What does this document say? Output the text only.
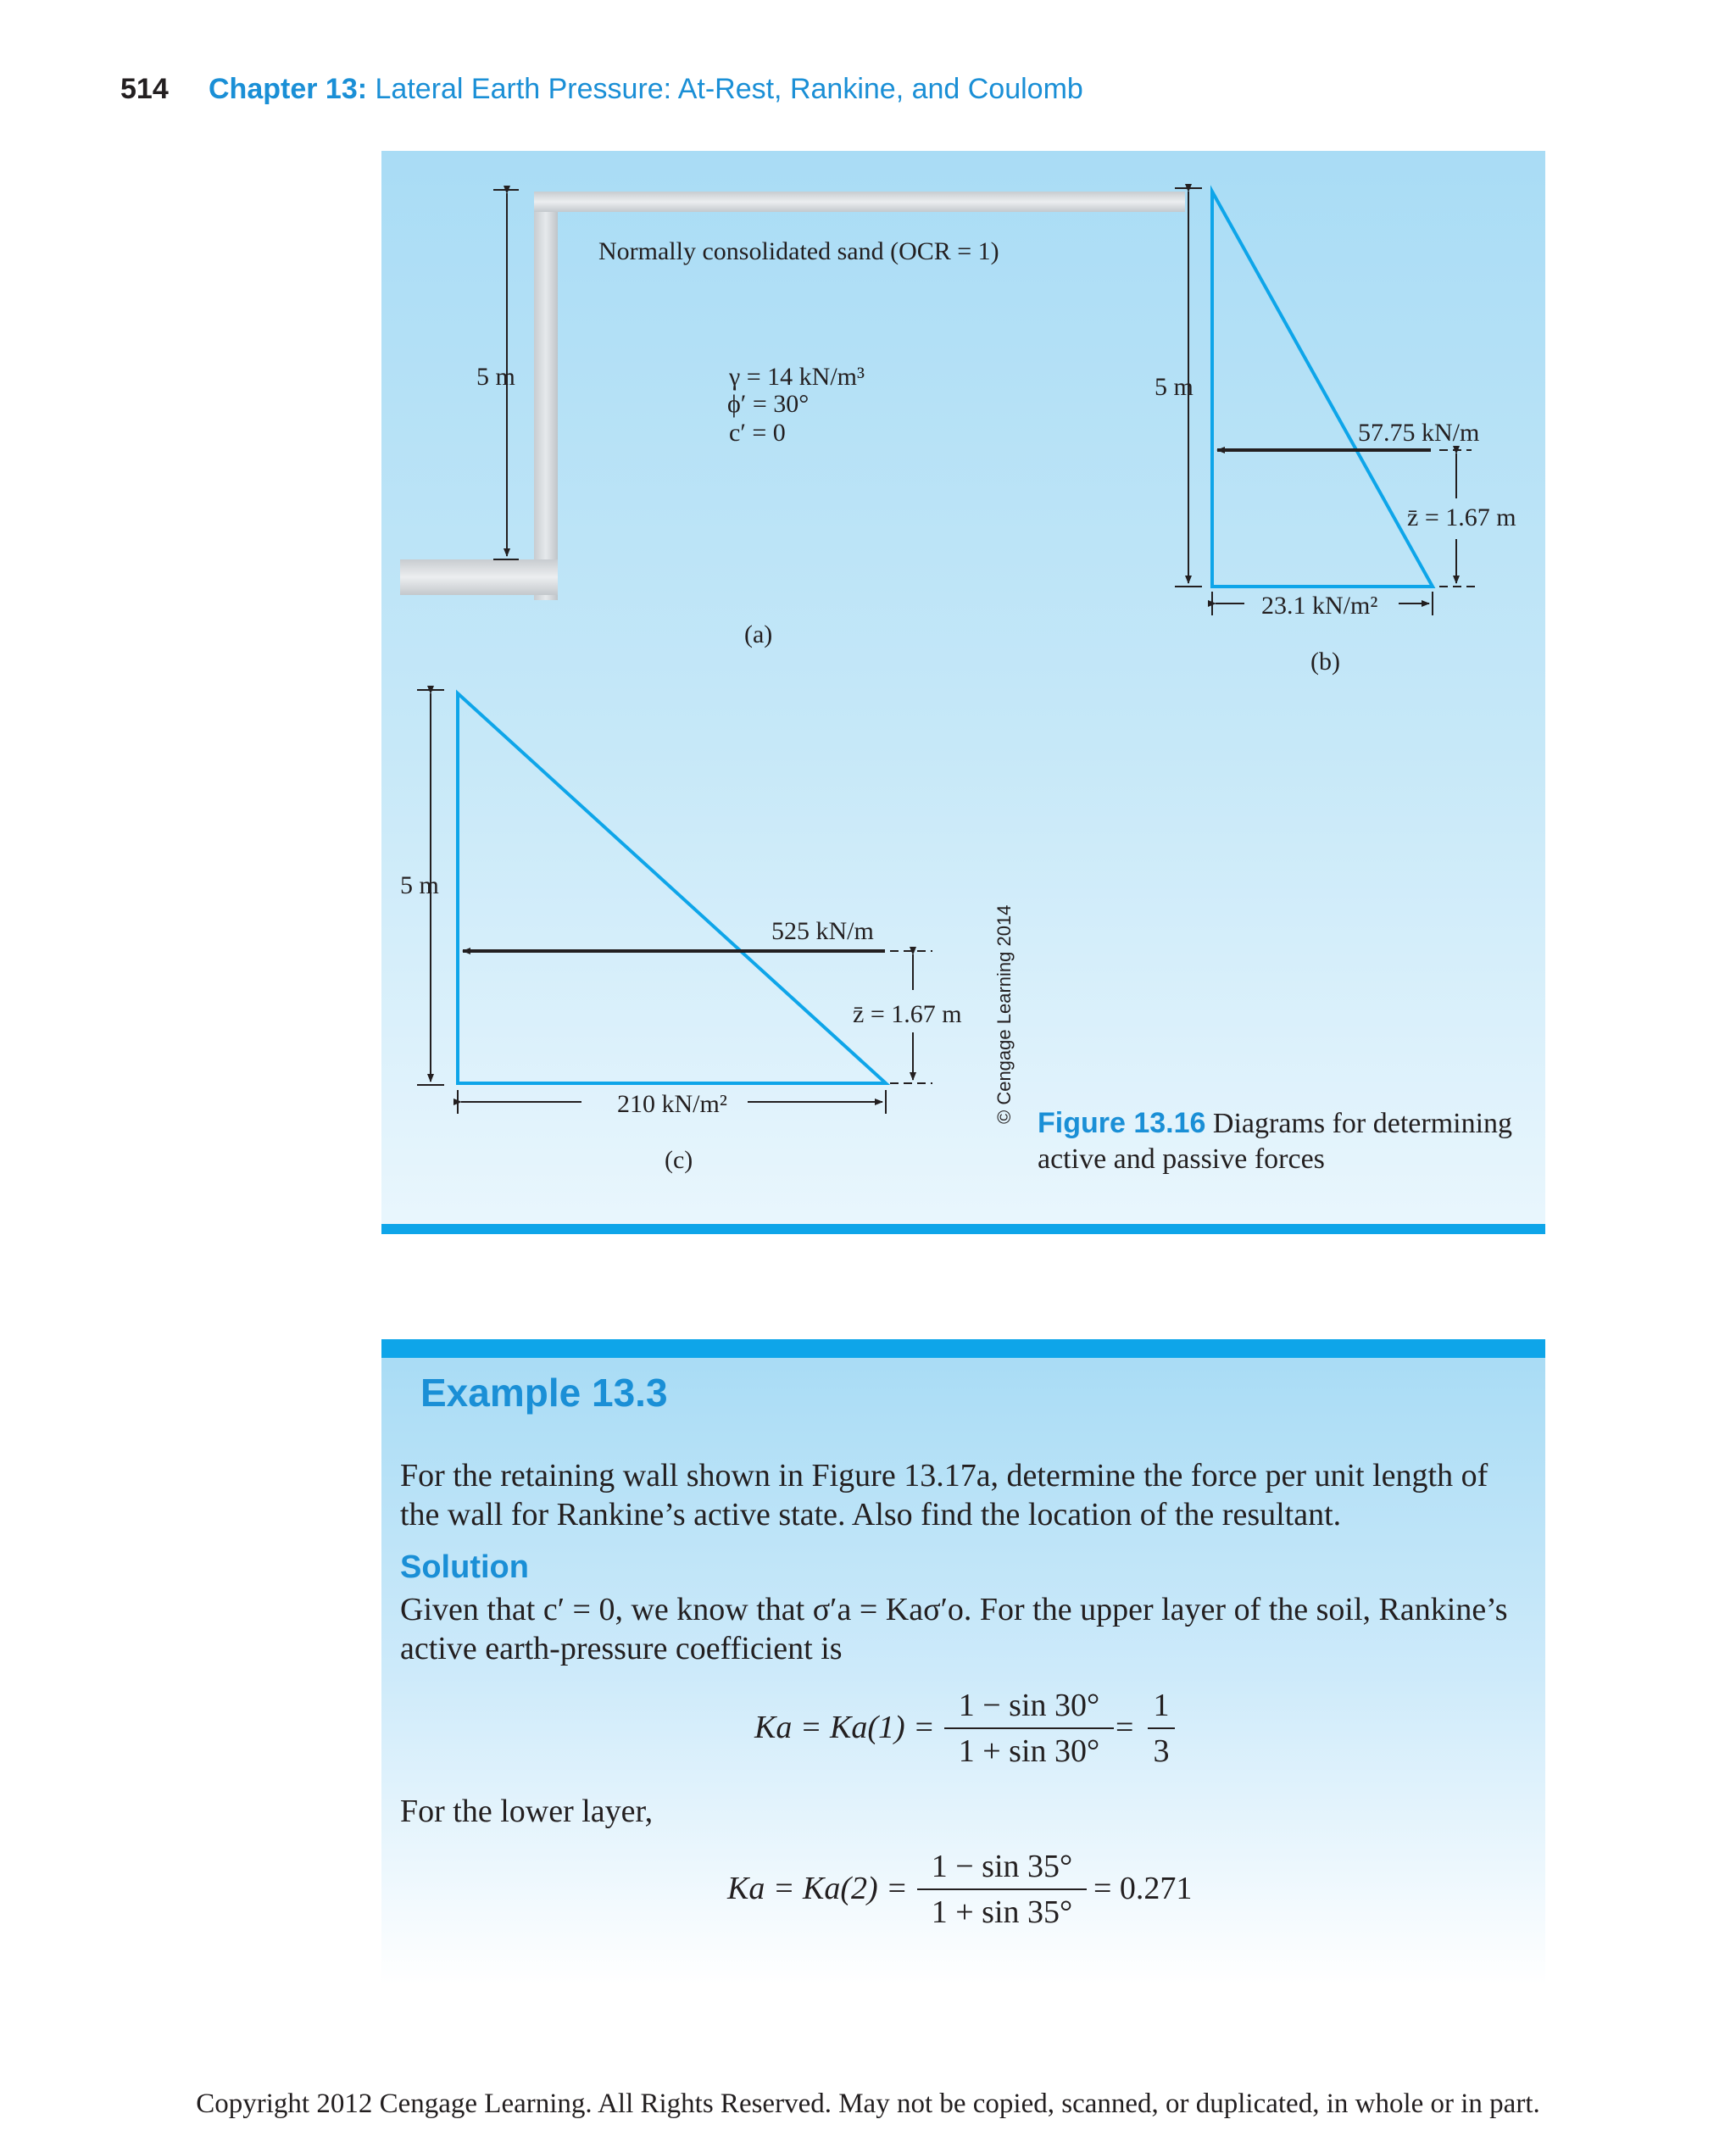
514 Chapter 13: Lateral Earth Pressure: At-Rest, Rankine, and Coulomb
Normally consolidated sand (OCR = 1)
5 m	γ = 14 kN/m³
ϕ′ = 30°
c′ = 0
(a)
5 m
57.75 kN/m
z̄ = 1.67 m
23.1 kN/m²
(b)
5 m
525 kN/m
z̄ = 1.67 m
210 kN/m²
(c)
© Cengage Learning 2014 Figure 13.16 Diagrams for determining
active and passive forces
Example 13.3
For the retaining wall shown in Figure 13.17a, determine the force per unit length of
the wall for Rankine’s active state. Also find the location of the resultant.
Solution
Given that c′ = 0, we know that σ′a = Kaσ′o. For the upper layer of the soil, Rankine’s
active earth-pressure coefficient is
Ka = Ka(1) =
1 − sin 30°
1 + sin 30°
=
1
3
For the lower layer,
Ka = Ka(2) =
1 − sin 35°
1 + sin 35°
= 0.271
Copyright 2012 Cengage Learning. All Rights Reserved. May not be copied, scanned, or duplicated, in whole or in part.
